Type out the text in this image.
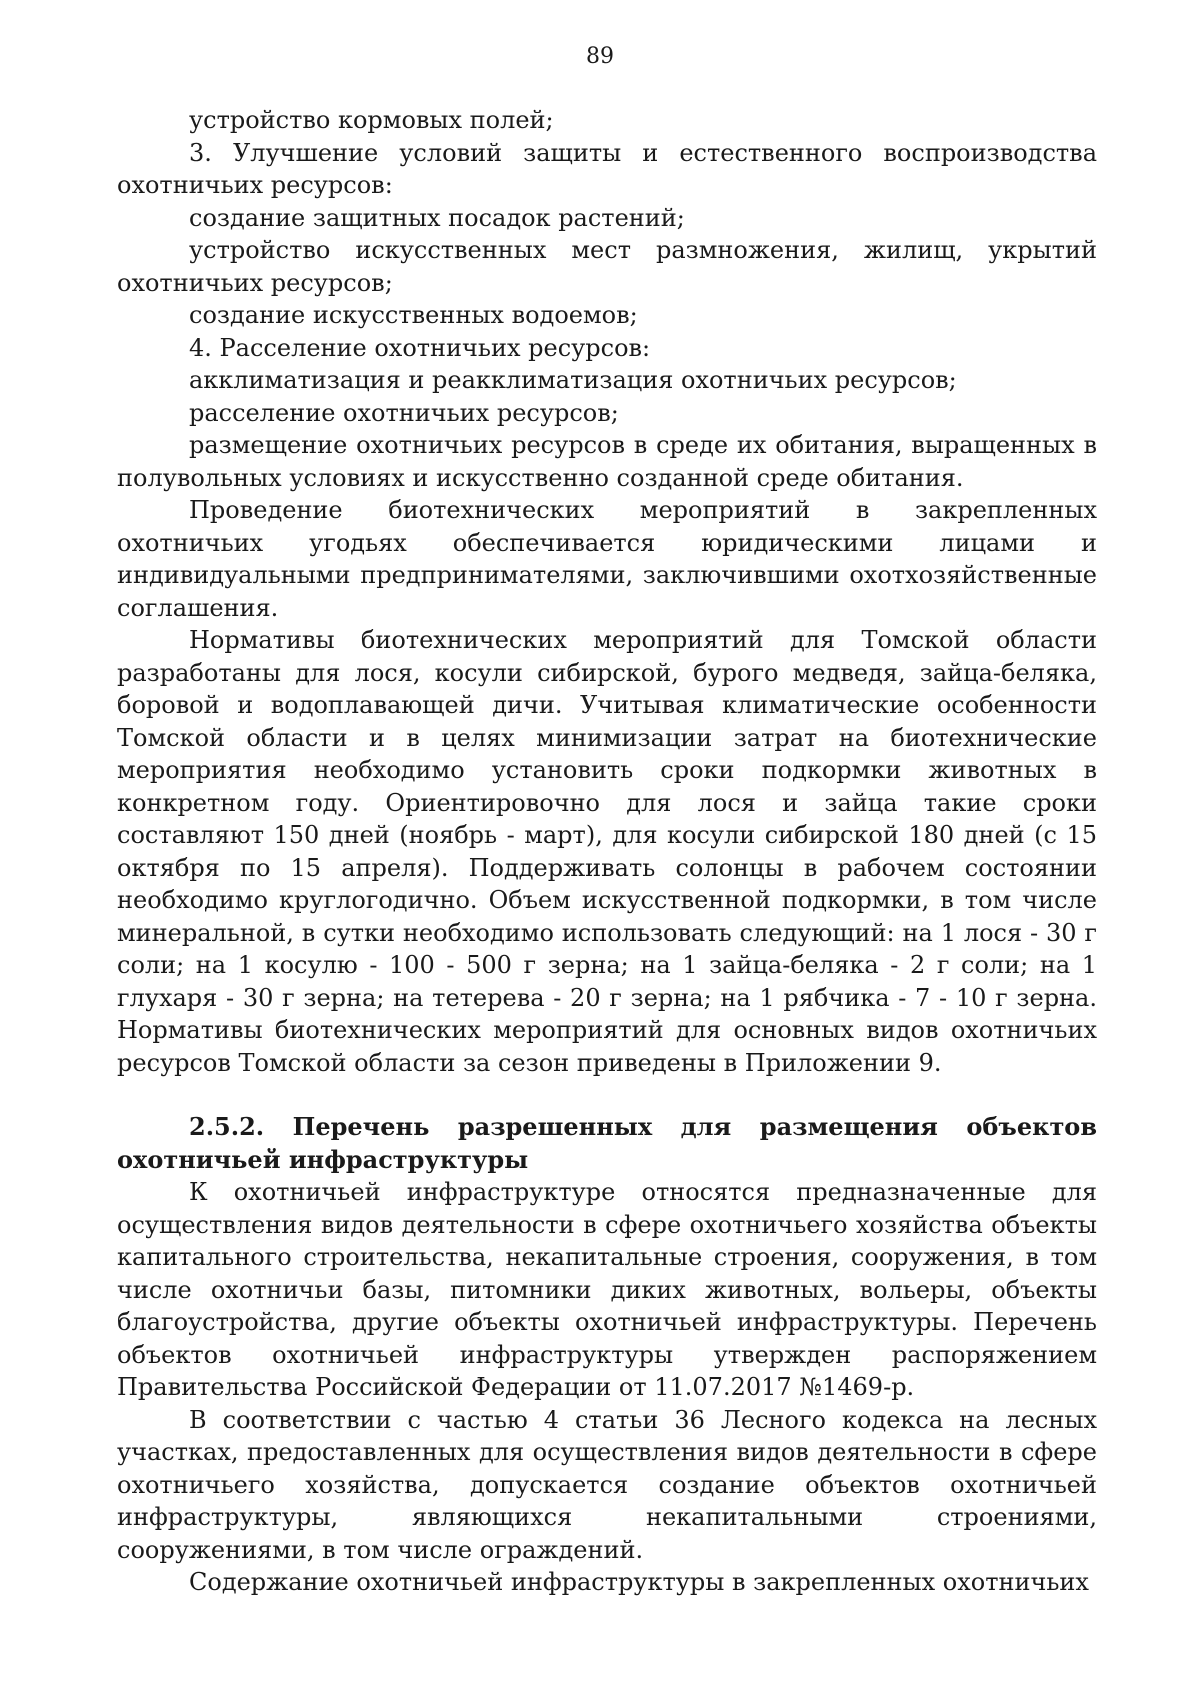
89

устройство кормовых полей;

3. Улучшение условий защиты и естественного воспроизводства охотничьих ресурсов:

создание защитных посадок растений;

устройство искусственных мест размножения, жилищ, укрытий охотничьих ресурсов;

создание искусственных водоемов;

4. Расселение охотничьих ресурсов:

акклиматизация и реакклиматизация охотничьих ресурсов;

расселение охотничьих ресурсов;

размещение охотничьих ресурсов в среде их обитания, выращенных в полувольных условиях и искусственно созданной среде обитания.

Проведение биотехнических мероприятий в закрепленных охотничьих угодьях обеспечивается юридическими лицами и индивидуальными предпринимателями, заключившими охотхозяйственные соглашения.

Нормативы биотехнических мероприятий для Томской области разработаны для лося, косули сибирской, бурого медведя, зайца-беляка, боровой и водоплавающей дичи. Учитывая климатические особенности Томской области и в целях минимизации затрат на биотехнические мероприятия необходимо установить сроки подкормки животных в конкретном году. Ориентировочно для лося и зайца такие сроки составляют 150 дней (ноябрь - март), для косули сибирской 180 дней (с 15 октября по 15 апреля). Поддерживать солонцы в рабочем состоянии необходимо круглогодично. Объем искусственной подкормки, в том числе минеральной, в сутки необходимо использовать следующий: на 1 лося - 30 г соли; на 1 косулю - 100 - 500 г зерна; на 1 зайца-беляка - 2 г соли; на 1 глухаря - 30 г зерна; на тетерева - 20 г зерна; на 1 рябчика - 7 - 10 г зерна. Нормативы биотехнических мероприятий для основных видов охотничьих ресурсов Томской области за сезон приведены в Приложении 9.

2.5.2. Перечень разрешенных для размещения объектов охотничьей инфраструктуры

К охотничьей инфраструктуре относятся предназначенные для осуществления видов деятельности в сфере охотничьего хозяйства объекты капитального строительства, некапитальные строения, сооружения, в том числе охотничьи базы, питомники диких животных, вольеры, объекты благоустройства, другие объекты охотничьей инфраструктуры. Перечень объектов охотничьей инфраструктуры утвержден распоряжением Правительства Российской Федерации от 11.07.2017 №1469-р.

В соответствии с частью 4 статьи 36 Лесного кодекса на лесных участках, предоставленных для осуществления видов деятельности в сфере охотничьего хозяйства, допускается создание объектов охотничьей инфраструктуры, являющихся некапитальными строениями, сооружениями, в том числе ограждений.

Содержание охотничьей инфраструктуры в закрепленных охотничьих
